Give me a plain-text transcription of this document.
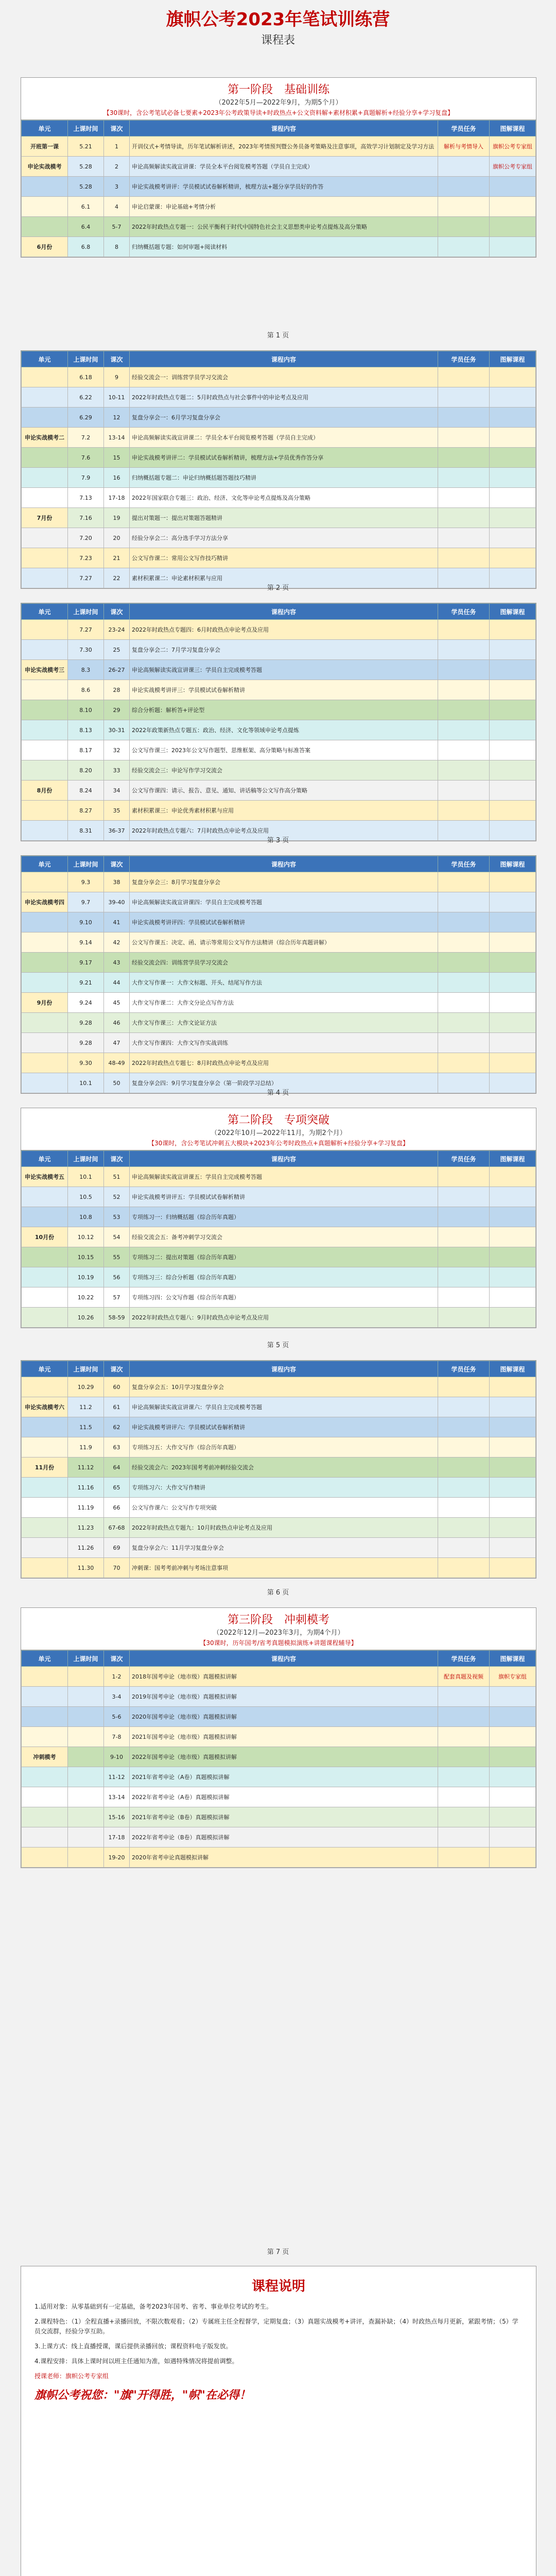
旗帜公考2023年笔试训练营
课程表
第一阶段　基础训练
（2022年5月—2022年9月，为期5个月）
【30课时，含公考笔试必备七要素+2023年公考政策导读+时政热点+公文资料解+素材积累+真题解析+经验分享+学习复盘】
单元	上课时间	课次	课程内容	学员任务	图解课程
开班第一课	5.21	1	开训仪式+考情导读，历年笔试解析讲述，2023年考情预判暨公务员备考策略及注意事项，高效学习计划制定及学习方法	解析与考情导入	旗帜公考专家组
申论实战模考	5.28	2	申论高频解读实战宣讲课：学员全本平台阅览模考答题（学员自主完成）		旗帜公考专家组
	5.28	3	申论实战模考讲评：学员模试试卷解析精讲，梳理方法+题分享学员好的作答		
	6.1	4	申论启蒙课：申论基础+考情分析		
	6.4	5-7	2022年时政热点专题一：公民平衡利于时代中国特色社会主义思想类申论考点提炼及高分策略		
6月份	6.8	8	归纳概括题专题：如何审题+阅读材料		
第 1 页
单元	上课时间	课次	课程内容	学员任务	图解课程
	6.18	9	经验交流会一：训练营学员学习交流会		
	6.22	10-11	2022年时政热点专题二：5月时政热点与社会事件中的申论考点及应用		
	6.29	12	复盘分享会一：6月学习复盘分享会		
申论实战模考二	7.2	13-14	申论高频解读实战宣讲课二：学员全本平台阅览模考答题（学员自主完成）		
	7.6	15	申论实战模考讲评二：学员模试试卷解析精讲，梳理方法+学员优秀作答分享		
	7.9	16	归纳概括题专题二：申论归纳概括题答题技巧精讲		
	7.13	17-18	2022年国家联合专题三：政治、经济、文化等申论考点提炼及高分策略		
7月份	7.16	19	提出对策题一：提出对策题答题精讲		
	7.20	20	经验分享会二：高分选手学习方法分享		
	7.23	21	公文写作课二：常用公文写作技巧精讲		
	7.27	22	素材积累课二：申论素材积累与应用		
第 2 页
单元	上课时间	课次	课程内容	学员任务	图解课程
	7.27	23-24	2022年时政热点专题四：6月时政热点申论考点及应用		
	7.30	25	复盘分享会二：7月学习复盘分享会		
申论实战模考三	8.3	26-27	申论高频解读实战宣讲课三：学员自主完成模考答题		
	8.6	28	申论实战模考讲评三：学员模试试卷解析精讲		
	8.10	29	综合分析题：解析答+评论型		
	8.13	30-31	2022年政策新热点专题五：政治、经济、文化等领域申论考点提炼		
	8.17	32	公文写作课三：2023年公文写作题型、思维框架、高分策略与标准答案		
	8.20	33	经验交流会三：申论写作学习交流会		
8月份	8.24	34	公文写作课四：请示、报告、意见、通知、讲话稿等公文写作高分策略		
	8.27	35	素材积累课三：申论优秀素材积累与应用		
	8.31	36-37	2022年时政热点专题六：7月时政热点申论考点及应用		
第 3 页
单元	上课时间	课次	课程内容	学员任务	图解课程
	9.3	38	复盘分享会三：8月学习复盘分享会		
申论实战模考四	9.7	39-40	申论高频解读实战宣讲课四：学员自主完成模考答题		
	9.10	41	申论实战模考讲评四：学员模试试卷解析精讲		
	9.14	42	公文写作课五：决定、函、请示等常用公文写作方法精讲（综合历年真题讲解）		
	9.17	43	经验交流会四：训练营学员学习交流会		
	9.21	44	大作文写作课一：大作文标题、开头、结尾写作方法		
9月份	9.24	45	大作文写作课二：大作文分论点写作方法		
	9.28	46	大作文写作课三：大作文论证方法		
	9.28	47	大作文写作课四：大作文写作实战训练		
	9.30	48-49	2022年时政热点专题七：8月时政热点申论考点及应用		
	10.1	50	复盘分享会四：9月学习复盘分享会（第一阶段学习总结）		
第 4 页
第二阶段　专项突破
（2022年10月—2022年11月，为期2个月）
【30课时，含公考笔试冲刺五大模块+2023年公考时政热点+真题解析+经验分享+学习复盘】
单元	上课时间	课次	课程内容	学员任务	图解课程
申论实战模考五	10.1	51	申论高频解读实战宣讲课五：学员自主完成模考答题		
	10.5	52	申论实战模考讲评五：学员模试试卷解析精讲		
	10.8	53	专项练习一：归纳概括题（综合历年真题）		
10月份	10.12	54	经验交流会五：备考冲刺学习交流会		
	10.15	55	专项练习二：提出对策题（综合历年真题）		
	10.19	56	专项练习三：综合分析题（综合历年真题）		
	10.22	57	专项练习四：公文写作题（综合历年真题）		
	10.26	58-59	2022年时政热点专题八：9月时政热点申论考点及应用		
第 5 页
单元	上课时间	课次	课程内容	学员任务	图解课程
	10.29	60	复盘分享会五：10月学习复盘分享会		
申论实战模考六	11.2	61	申论高频解读实战宣讲课六：学员自主完成模考答题		
	11.5	62	申论实战模考讲评六：学员模试试卷解析精讲		
	11.9	63	专项练习五：大作文写作（综合历年真题）		
11月份	11.12	64	经验交流会六：2023年国考考前冲刺经验交流会		
	11.16	65	专项练习六：大作文写作精讲		
	11.19	66	公文写作课六：公文写作专项突破		
	11.23	67-68	2022年时政热点专题九：10月时政热点申论考点及应用		
	11.26	69	复盘分享会六：11月学习复盘分享会		
	11.30	70	冲刺课：国考考前冲刺与考场注意事项		
第 6 页
第三阶段　冲刺模考
（2022年12月—2023年3月，为期4个月）
【30课时，历年国考/省考真题模拟演练+讲题课程辅导】
单元	上课时间	课次	课程内容	学员任务	图解课程
		1-2	2018年国考申论（地市级）真题模拟讲解	配套真题及视频	旗帜专家组
		3-4	2019年国考申论（地市级）真题模拟讲解		
		5-6	2020年国考申论（地市级）真题模拟讲解		
		7-8	2021年国考申论（地市级）真题模拟讲解		
冲刺模考		9-10	2022年国考申论（地市级）真题模拟讲解		
		11-12	2021年省考申论（A卷）真题模拟讲解		
		13-14	2022年省考申论（A卷）真题模拟讲解		
		15-16	2021年省考申论（B卷）真题模拟讲解		
		17-18	2022年省考申论（B卷）真题模拟讲解		
		19-20	2020年省考申论真题模拟讲解		
第 7 页
课程说明

1.适用对象：从零基础到有一定基础，备考2023年国考、省考、事业单位考试的考生。

2.课程特色：（1）全程直播+录播回放，不限次数观看；（2）专属班主任全程督学，定期复盘；（3）真题实战模考+讲评，查漏补缺；（4）时政热点每月更新，紧跟考情；（5）学员交流群，经验分享互助。

3.上课方式：线上直播授课，课后提供录播回放；课程资料电子版发放。

4.课程安排：具体上课时间以班主任通知为准，如遇特殊情况将提前调整。

授课老师：旗帜公考专家组

旗帜公考祝您："旗"开得胜，"帜"在必得！
